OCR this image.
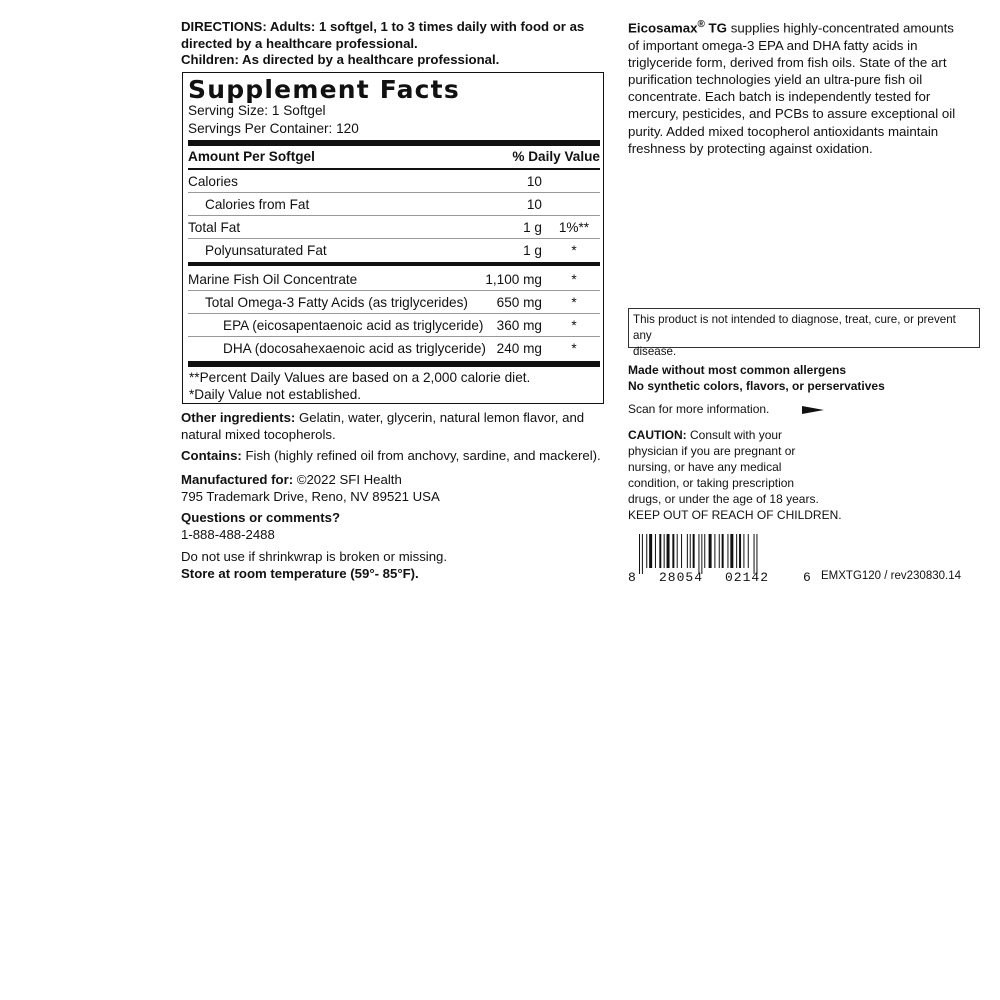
DIRECTIONS: Adults: 1 softgel, 1 to 3 times daily with food or as
directed by a healthcare professional.
Children: As directed by a healthcare professional.
Supplement Facts
Serving Size: 1 Softgel
Servings Per Container: 120
Amount Per Softgel	% Daily Value
Calories	10
Calories from Fat	10
Total Fat	1 g	1%**
Polyunsaturated Fat	1 g	*
Marine Fish Oil Concentrate	1,100 mg	*
Total Omega-3 Fatty Acids (as triglycerides) 650 mg	*
EPA (eicosapentaenoic acid as triglyceride) 360 mg	*
DHA (docosahexaenoic acid as triglyceride) 240 mg	*
**Percent Daily Values are based on a 2,000 calorie diet.
*Daily Value not established.
Other ingredients: Gelatin, water, glycerin, natural lemon flavor, and
natural mixed tocopherols.
Contains: Fish (highly refined oil from anchovy, sardine, and mackerel).
Manufactured for: ©2022 SFI Health
795 Trademark Drive, Reno, NV 89521 USA
Questions or comments?
1-888-488-2488
Do not use if shrinkwrap is broken or missing.
Store at room temperature (59°- 85°F).
Eicosamax® TG supplies highly-concentrated amounts
of important omega-3 EPA and DHA fatty acids in
triglyceride form, derived from fish oils. State of the art
purification technologies yield an ultra-pure fish oil
concentrate. Each batch is independently tested for
mercury, pesticides, and PCBs to assure exceptional oil
purity. Added mixed tocopherol antioxidants maintain
freshness by protecting against oxidation.
This product is not intended to diagnose, treat, cure, or prevent any
disease.
Made without most common allergens
No synthetic colors, flavors, or perservatives
Scan for more information.
CAUTION: Consult with your
physician if you are pregnant or
nursing, or have any medical
condition, or taking prescription
drugs, or under the age of 18 years.
KEEP OUT OF REACH OF CHILDREN.
8 28054 02142	6 EMXTG120 / rev230830.14
